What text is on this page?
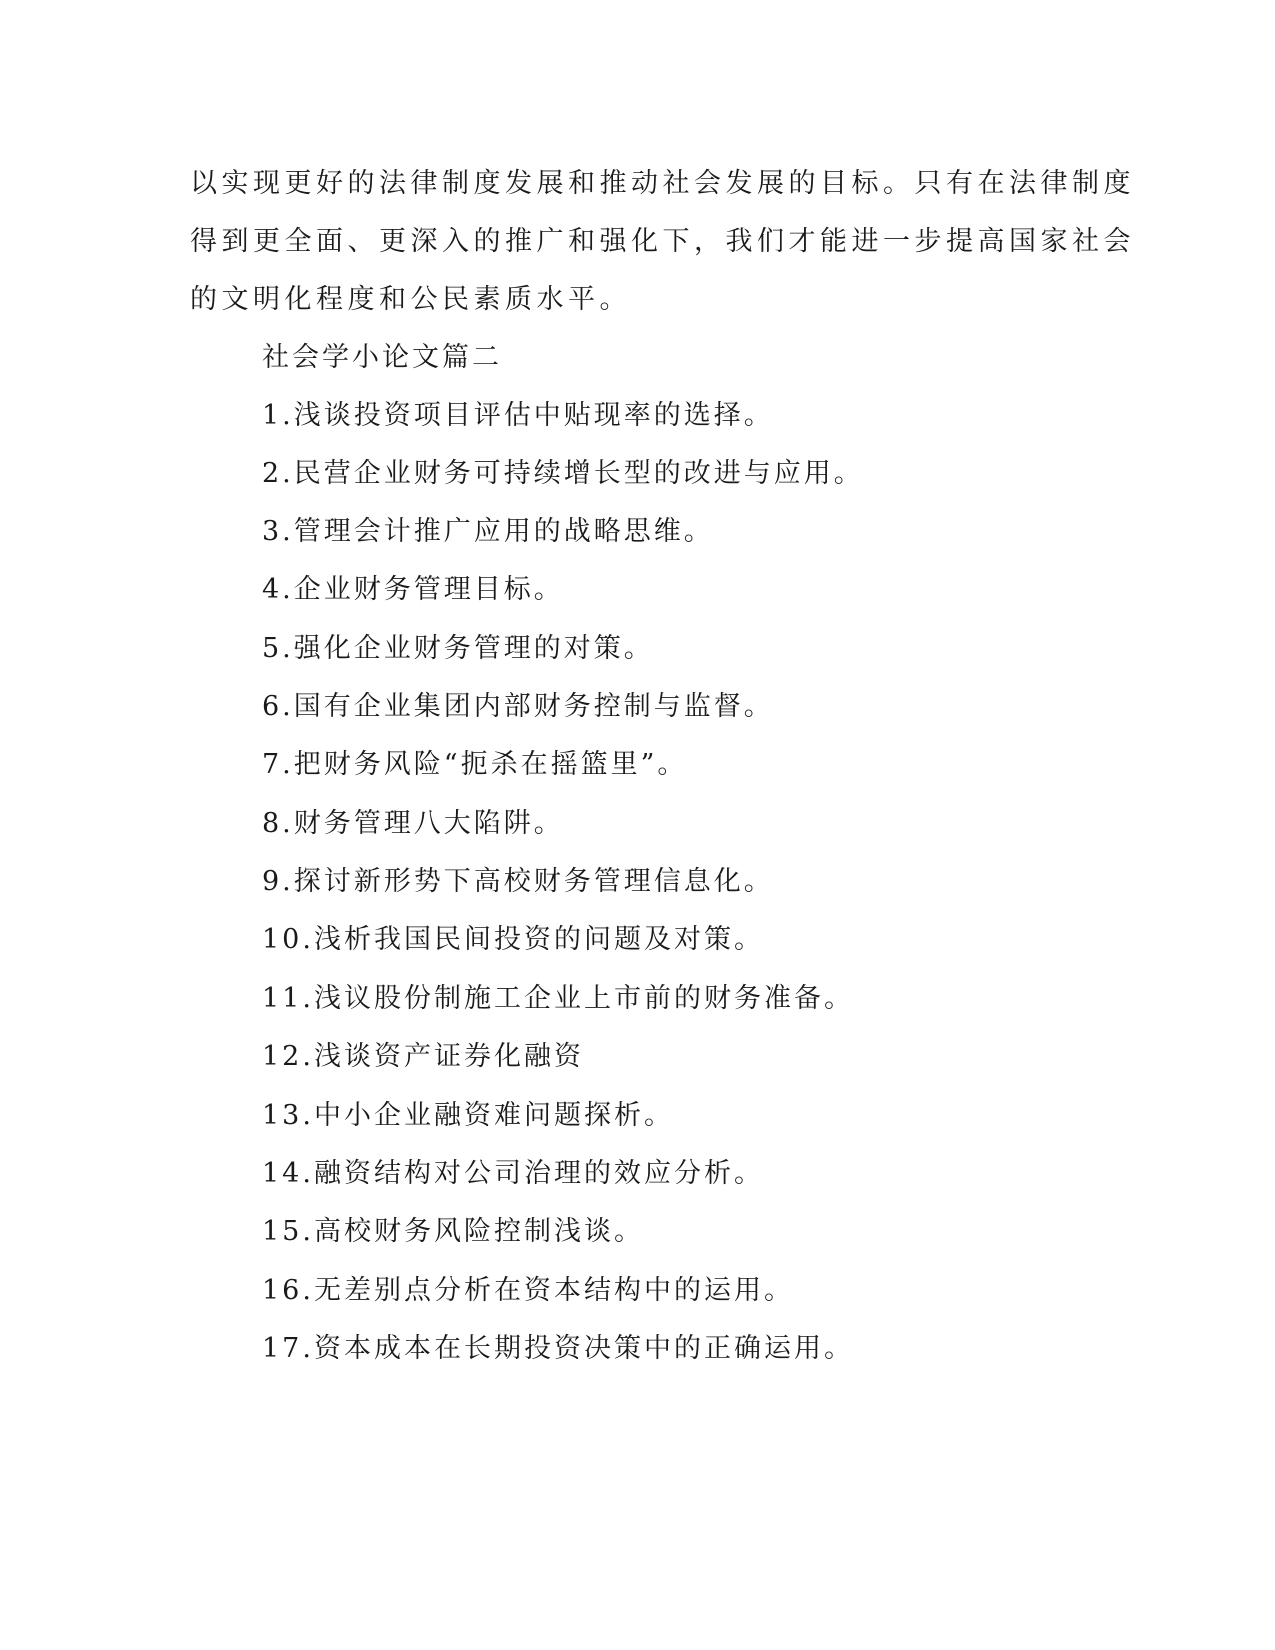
以实现更好的法律制度发展和推动社会发展的目标。只有在法律制度
得到更全面、更深入的推广和强化下，我们才能进一步提高国家社会
的文明化程度和公民素质水平。
社会学小论文篇二
1.浅谈投资项目评估中贴现率的选择。
2.民营企业财务可持续增长型的改进与应用。
3.管理会计推广应用的战略思维。
4.企业财务管理目标。
5.强化企业财务管理的对策。
6.国有企业集团内部财务控制与监督。
7.把财务风险“扼杀在摇篮里”。
8.财务管理八大陷阱。
9.探讨新形势下高校财务管理信息化。
10.浅析我国民间投资的问题及对策。
11.浅议股份制施工企业上市前的财务准备。
12.浅谈资产证券化融资
13.中小企业融资难问题探析。
14.融资结构对公司治理的效应分析。
15.高校财务风险控制浅谈。
16.无差别点分析在资本结构中的运用。
17.资本成本在长期投资决策中的正确运用。
